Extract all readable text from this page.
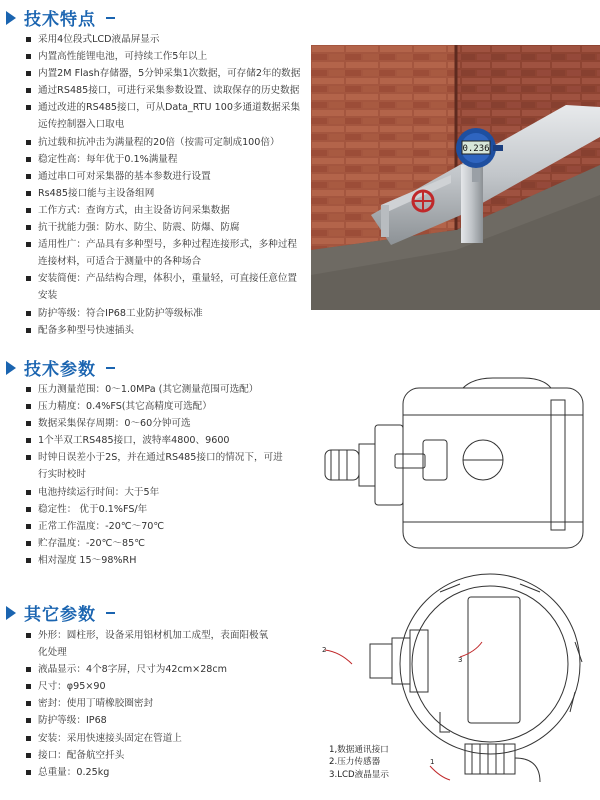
技术特点
采用4位段式LCD液晶屏显示
内置高性能锂电池，可持续工作5年以上
内置2M Flash存储器，5分钟采集1次数据，可存储2年的数据
通过RS485接口，可进行采集参数设置、读取保存的历史数据
通过改进的RS485接口，可从Data_RTU 100多通道数据采集远传控制器入口取电
抗过载和抗冲击为满量程的20倍（按需可定制成100倍）
稳定性高：每年优于0.1%满量程
通过串口可对采集器的基本参数进行设置
Rs485接口能与主设备组网
工作方式：查询方式，由主设备访问采集数据
抗干扰能力强：防水、防尘、防震、防爆、防腐
适用性广：产品具有多种型号，多种过程连接形式，多种过程连接材料，可适合于测量中的各种场合
安装简便：产品结构合理，体积小，重量轻，可直接任意位置安装
防护等级：符合IP68工业防护等级标准
配备多种型号快速插头
0.236
技术参数
压力测量范围：0～1.0MPa (其它测量范围可选配）
压力精度：0.4%FS(其它高精度可选配）
数据采集保存周期：0～60分钟可选
1个半双工RS485接口，波特率4800、9600
时钟日误差小于2S，并在通过RS485接口的情况下，可进行实时校时
电池持续运行时间：大于5年
稳定性： 优于0.1%FS/年
正常工作温度：-20℃～70℃
贮存温度：-20℃～85℃
相对湿度 15～98%RH
其它参数
外形：圆柱形，设备采用铝材机加工成型，表面阳极氧化处理
液晶显示：4个8字屏，尺寸为42cm×28cm
尺寸：φ95×90
密封：使用丁晴橡胶圈密封
防护等级：IP68
安装：采用快速接头固定在管道上
接口：配备航空扦头
总重量：0.25kg
2
3
1
1,数据通讯接口
2.压力传感器
3.LCD液晶显示
